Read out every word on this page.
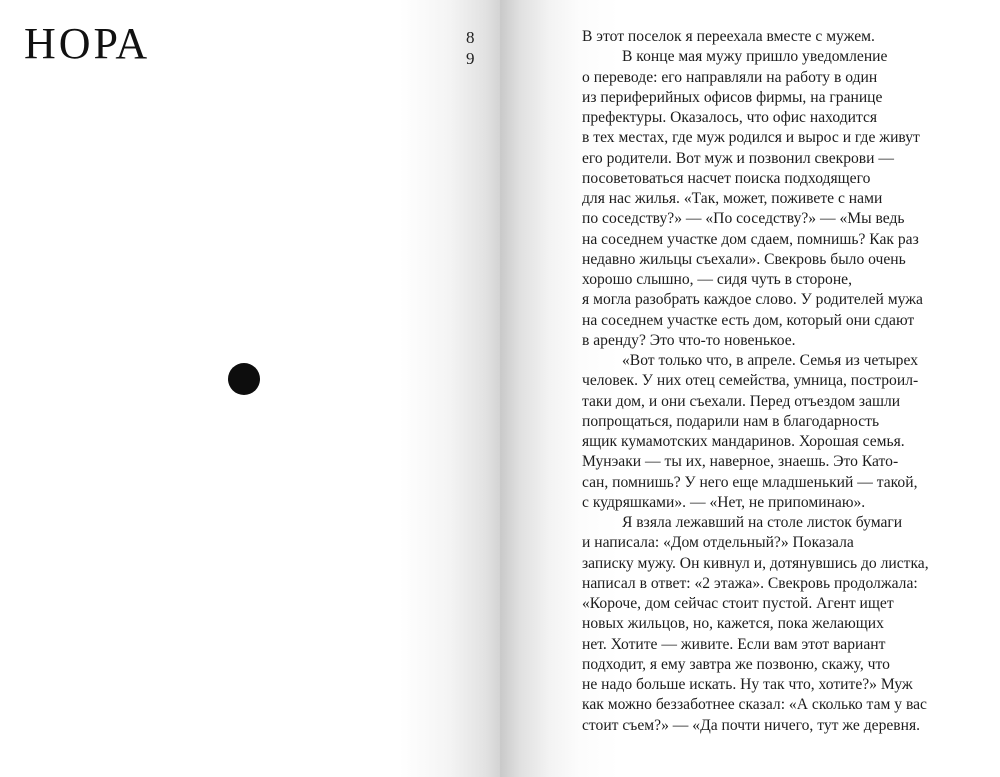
НОРА	8
9
В этот поселок я переехала вместе с мужем.
В конце мая мужу пришло уведомление
о переводе: его направляли на работу в один
из периферийных офисов фирмы, на границе
префектуры. Оказалось, что офис находится
в тех местах, где муж родился и вырос и где живут
его родители. Вот муж и позвонил свекрови —
посоветоваться насчет поиска подходящего
для нас жилья. «Так, может, поживете с нами
по соседству?» — «По соседству?» — «Мы ведь
на соседнем участке дом сдаем, помнишь? Как раз
недавно жильцы съехали». Свекровь было очень
хорошо слышно, — сидя чуть в стороне,
я могла разобрать каждое слово. У родителей мужа
на соседнем участке есть дом, который они сдают
в аренду? Это что-то новенькое.
«Вот только что, в апреле. Семья из четырех
человек. У них отец семейства, умница, построил-
таки дом, и они съехали. Перед отъездом зашли
попрощаться, подарили нам в благодарность
ящик кумамотских мандаринов. Хорошая семья.
Мунэаки — ты их, наверное, знаешь. Это Като-
сан, помнишь? У него еще младшенький — такой,
с кудряшками». — «Нет, не припоминаю».
Я взяла лежавший на столе листок бумаги
и написала: «Дом отдельный?» Показала
записку мужу. Он кивнул и, дотянувшись до листка,
написал в ответ: «2 этажа». Свекровь продолжала:
«Короче, дом сейчас стоит пустой. Агент ищет
новых жильцов, но, кажется, пока желающих
нет. Хотите — живите. Если вам этот вариант
подходит, я ему завтра же позвоню, скажу, что
не надо больше искать. Ну так что, хотите?» Муж
как можно беззаботнее сказал: «А сколько там у вас
стоит съем?» — «Да почти ничего, тут же деревня.
